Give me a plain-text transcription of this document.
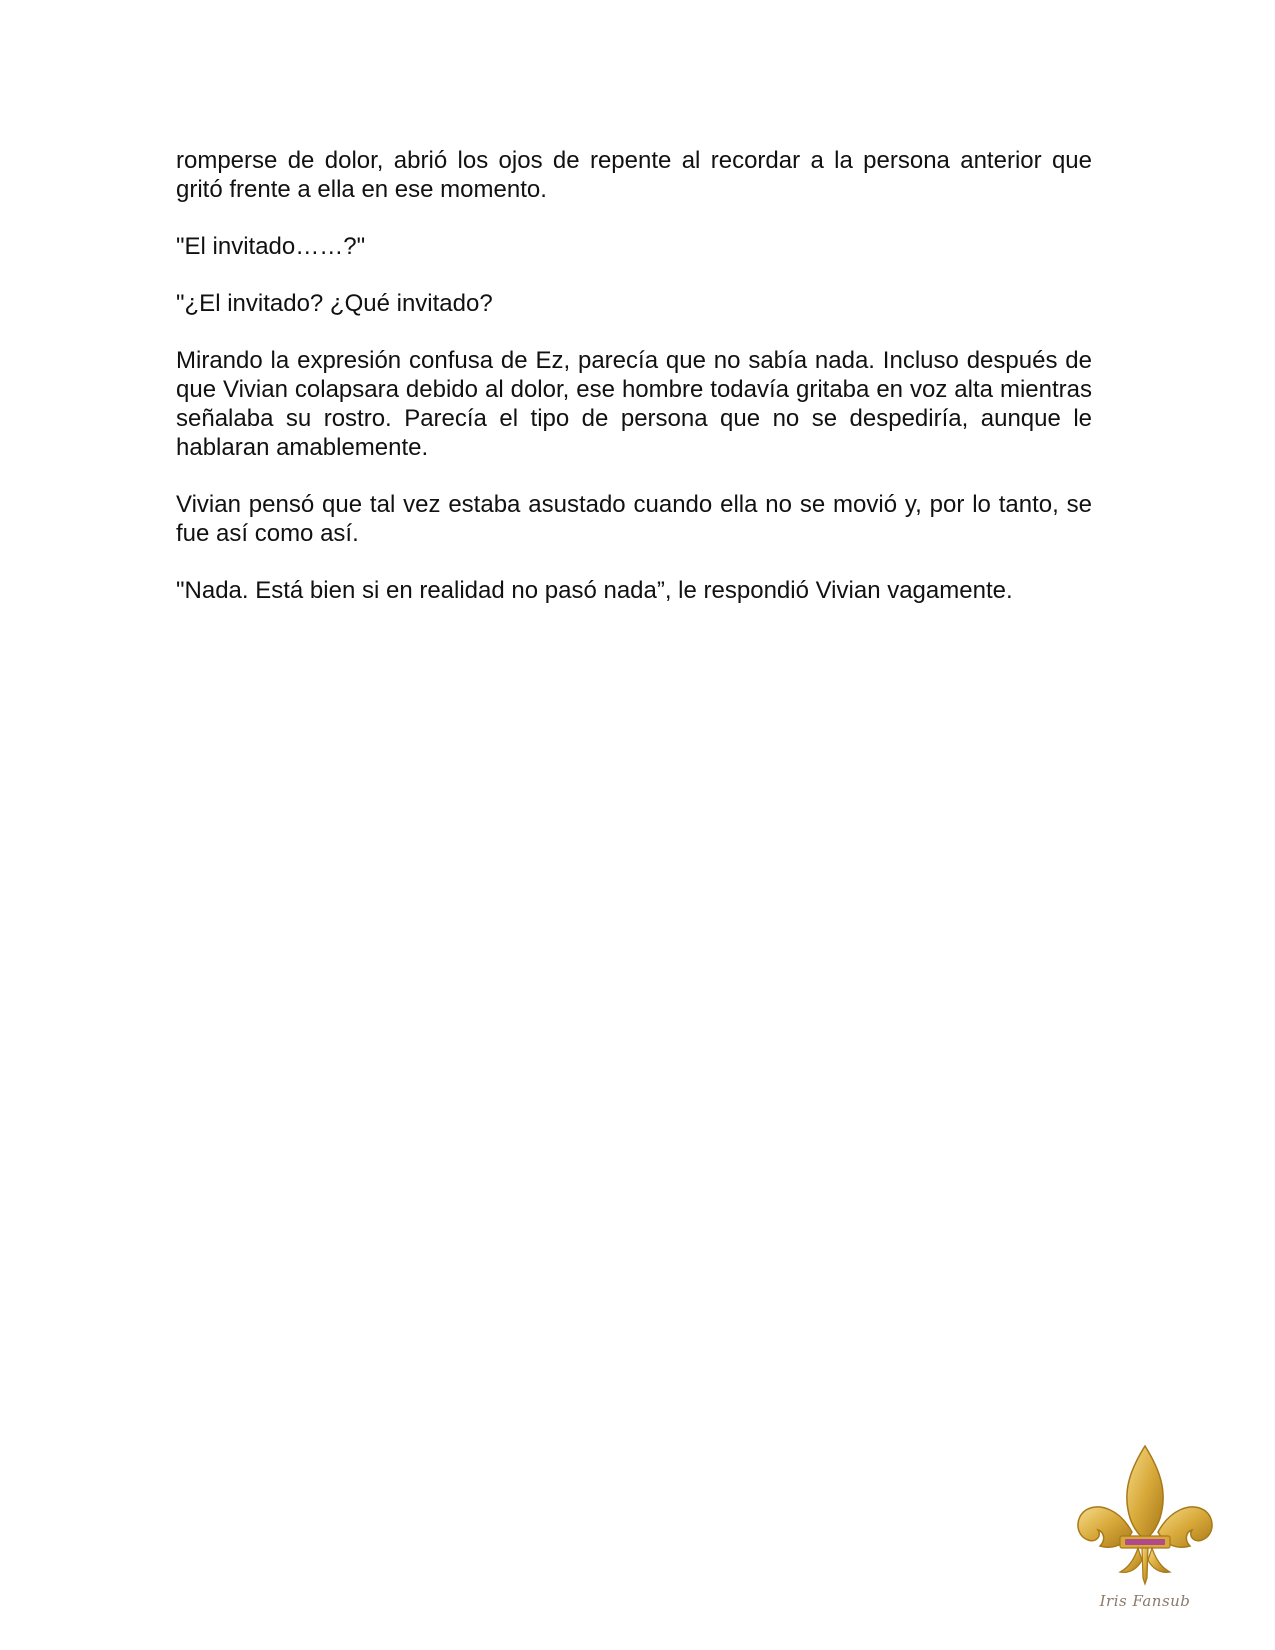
romperse de dolor, abrió los ojos de repente al recordar a la persona anterior que gritó frente a ella en ese momento.

"El invitado……?"

"¿El invitado? ¿Qué invitado?

Mirando la expresión confusa de Ez, parecía que no sabía nada. Incluso después de que Vivian colapsara debido al dolor, ese hombre todavía gritaba en voz alta mientras señalaba su rostro. Parecía el tipo de persona que no se despediría, aunque le hablaran amablemente.

Vivian pensó que tal vez estaba asustado cuando ella no se movió y, por lo tanto, se fue así como así.

"Nada. Está bien si en realidad no pasó nada”, le respondió Vivian vagamente.

Iris Fansub
